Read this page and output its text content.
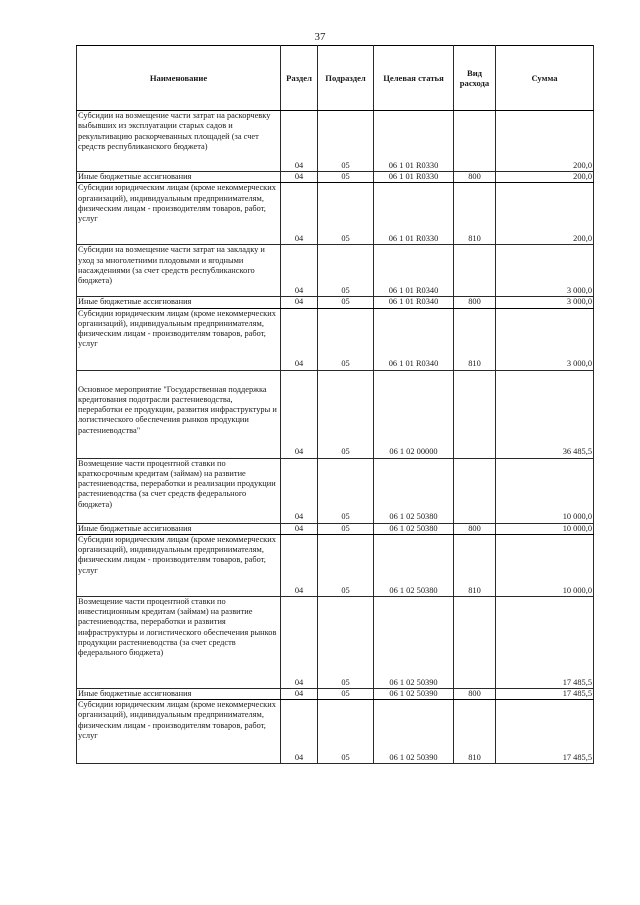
37
Наименование	Раздел	Подраздел	Целевая статья	Вид расхода	Сумма
Субсидии на возмещение части затрат на раскорчевку выбывших из эксплуатации старых садов и рекультивацию раскорчеванных площадей (за счет средств республиканского бюджета)	04	05	06 1 01 R0330		200,0
Иные бюджетные ассигнования	04	05	06 1 01 R0330	800	200,0
Субсидии юридическим лицам (кроме некоммерческих организаций), индивидуальным предпринимателям, физическим лицам - производителям товаров, работ, услуг	04	05	06 1 01 R0330	810	200,0
Субсидии на возмещение части затрат на закладку и уход за многолетними плодовыми и ягодными насаждениями (за счет средств республиканского бюджета)	04	05	06 1 01 R0340		3 000,0
Иные бюджетные ассигнования	04	05	06 1 01 R0340	800	3 000,0
Субсидии юридическим лицам (кроме некоммерческих организаций), индивидуальным предпринимателям, физическим лицам - производителям товаров, работ, услуг	04	05	06 1 01 R0340	810	3 000,0
Основное мероприятие "Государственная поддержка кредитования подотрасли растениеводства, переработки ее продукции, развития инфраструктуры и логистического обеспечения рынков продукции растениеводства"	04	05	06 1 02 00000		36 485,5
Возмещение части процентной ставки по краткосрочным кредитам (займам) на развитие растениеводства, переработки и реализации продукции растениеводства (за счет средств федерального бюджета)	04	05	06 1 02 50380		10 000,0
Иные бюджетные ассигнования	04	05	06 1 02 50380	800	10 000,0
Субсидии юридическим лицам (кроме некоммерческих организаций), индивидуальным предпринимателям, физическим лицам - производителям товаров, работ, услуг	04	05	06 1 02 50380	810	10 000,0
Возмещение части процентной ставки по инвестиционным кредитам (займам) на развитие растениеводства, переработки и развития инфраструктуры и логистического обеспечения рынков продукции растениеводства (за счет средств федерального бюджета)	04	05	06 1 02 50390		17 485,5
Иные бюджетные ассигнования	04	05	06 1 02 50390	800	17 485,5
Субсидии юридическим лицам (кроме некоммерческих организаций), индивидуальным предпринимателям, физическим лицам - производителям товаров, работ, услуг	04	05	06 1 02 50390	810	17 485,5
